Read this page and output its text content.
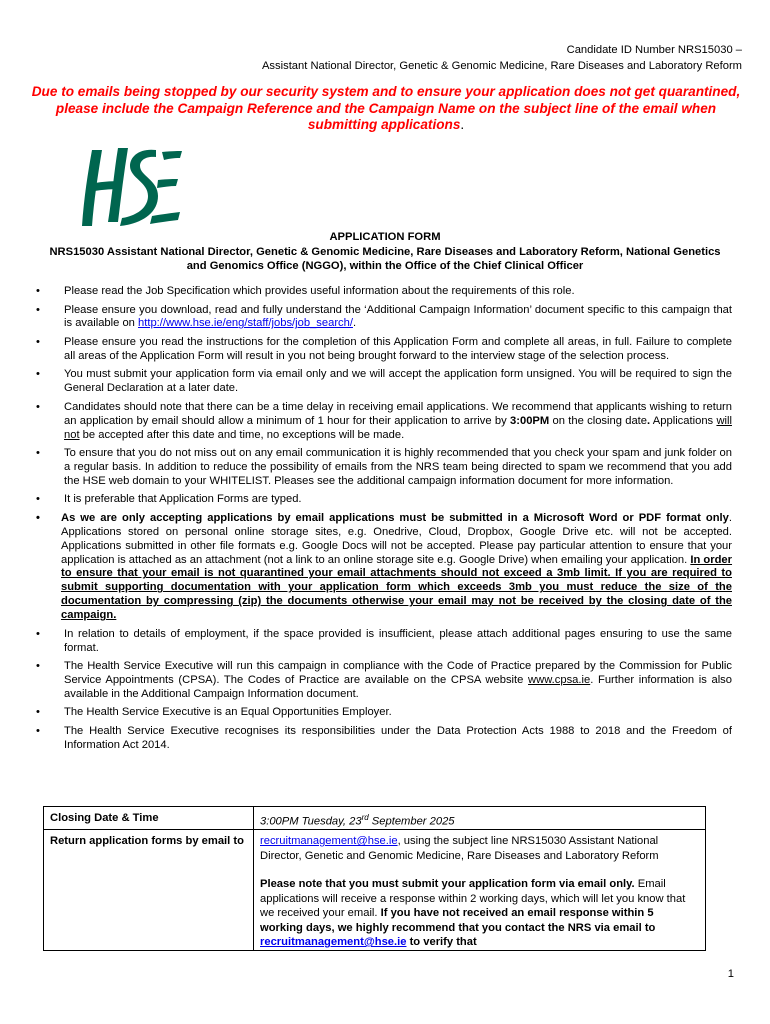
Candidate ID Number NRS15030 –
Assistant National Director, Genetic & Genomic Medicine, Rare Diseases and Laboratory Reform
Due to emails being stopped by our security system and to ensure your application does not get quarantined, please include the Campaign Reference and the Campaign Name on the subject line of the email when submitting applications.
APPLICATION FORM
NRS15030 Assistant National Director, Genetic & Genomic Medicine, Rare Diseases and Laboratory Reform, National Genetics and Genomics Office (NGGO), within the Office of the Chief Clinical Officer
• Please read the Job Specification which provides useful information about the requirements of this role.
• Please ensure you download, read and fully understand the ‘Additional Campaign Information’ document specific to this campaign that is available on http://www.hse.ie/eng/staff/jobs/job_search/.
• Please ensure you read the instructions for the completion of this Application Form and complete all areas, in full. Failure to complete all areas of the Application Form will result in you not being brought forward to the interview stage of the selection process.
• You must submit your application form via email only and we will accept the application form unsigned. You will be required to sign the General Declaration at a later date.
• Candidates should note that there can be a time delay in receiving email applications. We recommend that applicants wishing to return an application by email should allow a minimum of 1 hour for their application to arrive by 3:00PM on the closing date. Applications will not be accepted after this date and time, no exceptions will be made.
• To ensure that you do not miss out on any email communication it is highly recommended that you check your spam and junk folder on a regular basis. In addition to reduce the possibility of emails from the NRS team being directed to spam we recommend that you add the HSE web domain to your WHITELIST. Pleases see the additional campaign information document for more information.
• It is preferable that Application Forms are typed.
• As we are only accepting applications by email applications must be submitted in a Microsoft Word or PDF format only. Applications stored on personal online storage sites, e.g. Onedrive, Cloud, Dropbox, Google Drive etc. will not be accepted. Applications submitted in other file formats e.g. Google Docs will not be accepted. Please pay particular attention to ensure that your application is attached as an attachment (not a link to an online storage site e.g. Google Drive) when emailing your application. In order to ensure that your email is not quarantined your email attachments should not exceed a 3mb limit. If you are required to submit supporting documentation with your application form which exceeds 3mb you must reduce the size of the documentation by compressing (zip) the documents otherwise your email may not be received by the closing date of the campaign.
• In relation to details of employment, if the space provided is insufficient, please attach additional pages ensuring to use the same format.
• The Health Service Executive will run this campaign in compliance with the Code of Practice prepared by the Commission for Public Service Appointments (CPSA). The Codes of Practice are available on the CPSA website www.cpsa.ie. Further information is also available in the Additional Campaign Information document.
• The Health Service Executive is an Equal Opportunities Employer.
• The Health Service Executive recognises its responsibilities under the Data Protection Acts 1988 to 2018 and the Freedom of Information Act 2014.
Closing Date & Time	3:00PM Tuesday, 23rd September 2025
Return application forms by email to	recruitmanagement@hse.ie, using the subject line NRS15030 Assistant National Director, Genetic and Genomic Medicine, Rare Diseases and Laboratory Reform
Please note that you must submit your application form via email only. Email applications will receive a response within 2 working days, which will let you know that we received your email. If you have not received an email response within 5 working days, we highly recommend that you contact the NRS via email to recruitmanagement@hse.ie to verify that
1
